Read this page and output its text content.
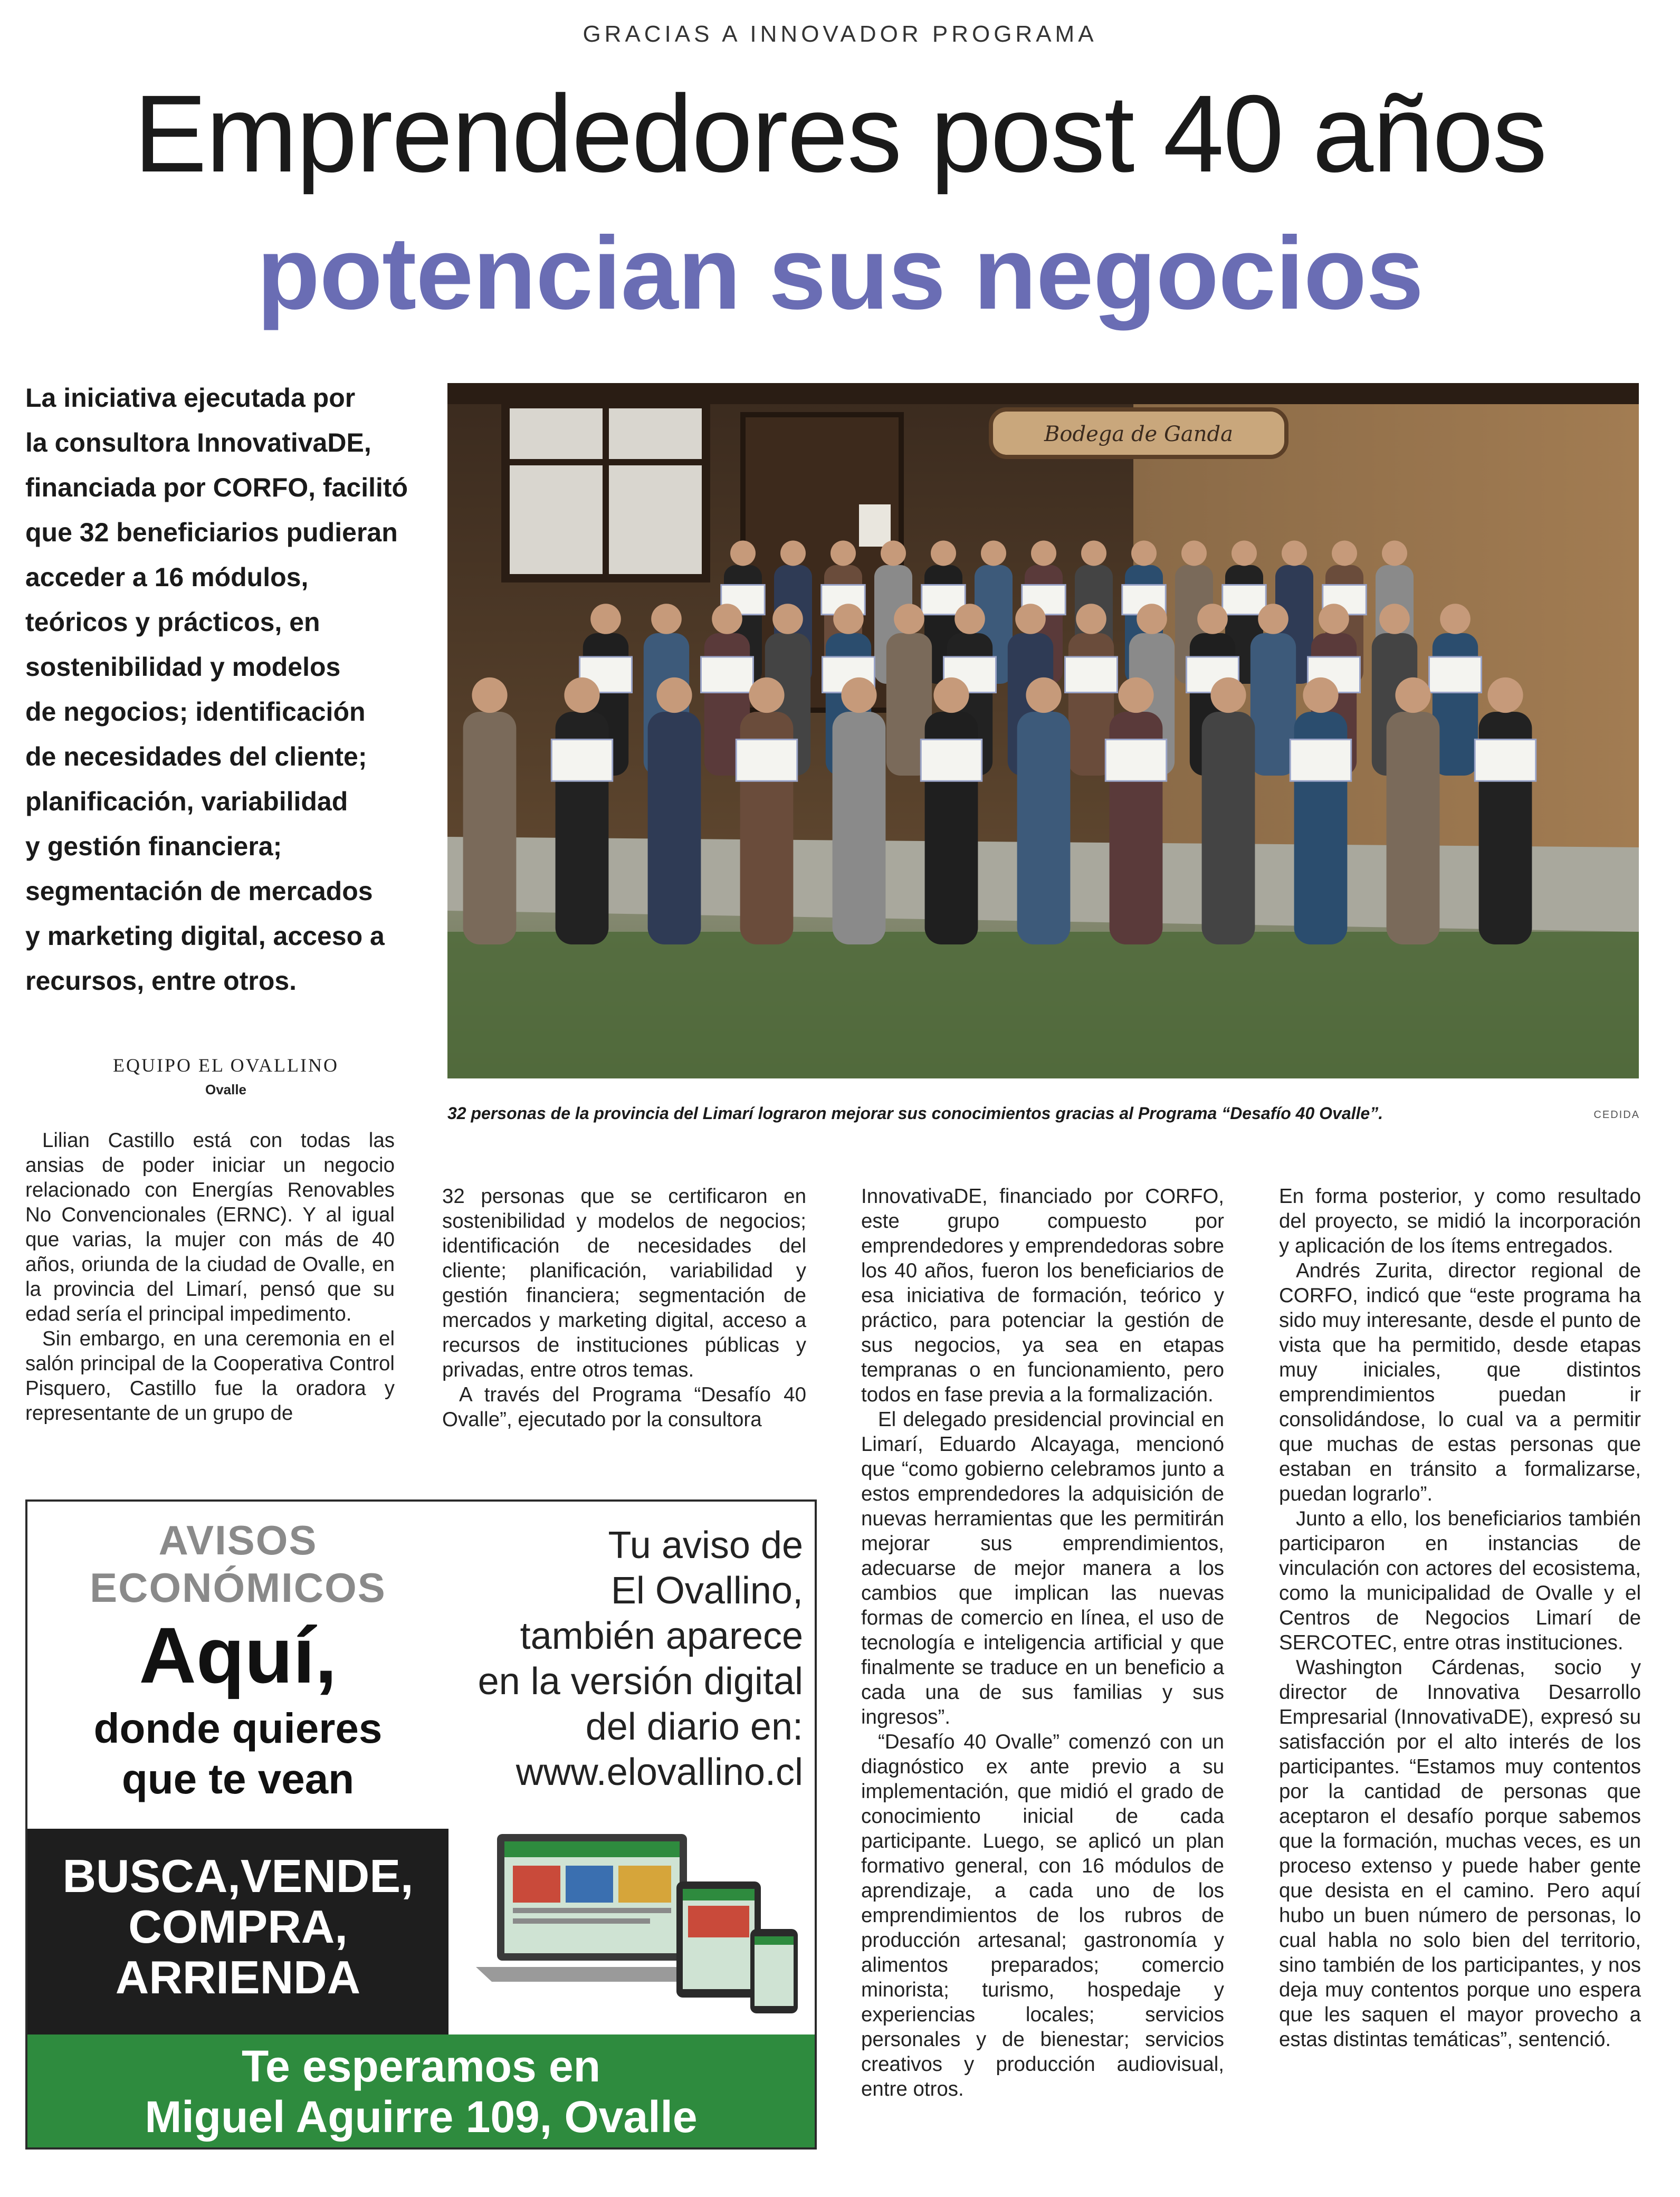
GRACIAS A INNOVADOR PROGRAMA
Emprendedores post 40 años
potencian sus negocios

La iniciativa ejecutada por

la consultora InnovativaDE,

financiada por CORFO, facilitó

que 32 beneficiarios pudieran

acceder a 16 módulos,

teóricos y prácticos, en

sostenibilidad y modelos

de negocios; identificación

de necesidades del cliente;

planificación, variabilidad

y gestión financiera;

segmentación de mercados

y marketing digital, acceso a

recursos, entre otros.

EQUIPO EL OVALLINO
Ovalle
Bodega de Ganda
32 personas de la provincia del Limarí lograron mejorar sus conocimientos gracias al Programa “Desafío 40 Ovalle”.	CEDIDA

Lilian Castillo está con todas las ansias de poder iniciar un negocio relacionado con Energías Renovables No Convencionales (ERNC). Y al igual que varias, la mujer con más de 40 años, oriunda de la ciudad de Ovalle, en la provincia del Limarí, pensó que su edad sería el principal impedimento.

Sin embargo, en una ceremonia en el salón principal de la Cooperativa Control Pisquero, Castillo fue la oradora y representante de un grupo de

32 personas que se certificaron en sostenibilidad y modelos de negocios; identificación de necesidades del cliente; planificación, variabilidad y gestión financiera; segmentación de mercados y marketing digital, acceso a recursos de instituciones públicas y privadas, entre otros temas.

A través del Programa “Desafío 40 Ovalle”, ejecutado por la consultora

InnovativaDE, financiado por CORFO, este grupo compuesto por emprendedores y emprendedoras sobre los 40 años, fueron los beneficiarios de esa iniciativa de formación, teórico y práctico, para potenciar la gestión de sus negocios, ya sea en etapas tempranas o en funcionamiento, pero todos en fase previa a la formalización.

El delegado presidencial provincial en Limarí, Eduardo Alcayaga, mencionó que “como gobierno celebramos junto a estos emprendedores la adquisición de nuevas herramientas que les permitirán mejorar sus emprendimientos, adecuarse de mejor manera a los cambios que implican las nuevas formas de comercio en línea, el uso de tecnología e inteligencia artificial y que finalmente se traduce en un beneficio a cada una de sus familias y sus ingresos”.

“Desafío 40 Ovalle” comenzó con un diagnóstico ex ante previo a su implementación, que midió el grado de conocimiento inicial de cada participante. Luego, se aplicó un plan formativo general, con 16 módulos de aprendizaje, a cada uno de los emprendimientos de los rubros de producción artesanal; gastronomía y alimentos preparados; comercio minorista; turismo, hospedaje y experiencias locales; servicios personales y de bienestar; servicios creativos y producción audiovisual, entre otros.

En forma posterior, y como resultado del proyecto, se midió la incorporación y aplicación de los ítems entregados.

Andrés Zurita, director regional de CORFO, indicó que “este programa ha sido muy interesante, desde el punto de vista que ha permitido, desde etapas muy iniciales, que distintos emprendimientos puedan ir consolidándose, lo cual va a permitir que muchas de estas personas que estaban en tránsito a formalizarse, puedan lograrlo”.

Junto a ello, los beneficiarios también participaron en instancias de vinculación con actores del ecosistema, como la municipalidad de Ovalle y el Centros de Negocios Limarí de SERCOTEC, entre otras instituciones.

Washington Cárdenas, socio y director de Innovativa Desarrollo Empresarial (InnovativaDE), expresó su satisfacción por el alto interés de los participantes. “Estamos muy contentos por la cantidad de personas que aceptaron el desafío porque sabemos que la formación, muchas veces, es un proceso extenso y puede haber gente que desista en el camino. Pero aquí hubo un buen número de personas, lo cual habla no solo bien del territorio, sino también de los participantes, y nos deja muy contentos porque uno espera que les saquen el mayor provecho a estas distintas temáticas”, sentenció.

AVISOS
ECONÓMICOS
Aquí,
donde quieres
que te vean
BUSCA,VENDE,
COMPRA,
ARRIENDA
Tu aviso de
El Ovallino,
también aparece
en la versión digital
del diario en:
www.elovallino.cl
Te esperamos en
Miguel Aguirre 109, Ovalle
